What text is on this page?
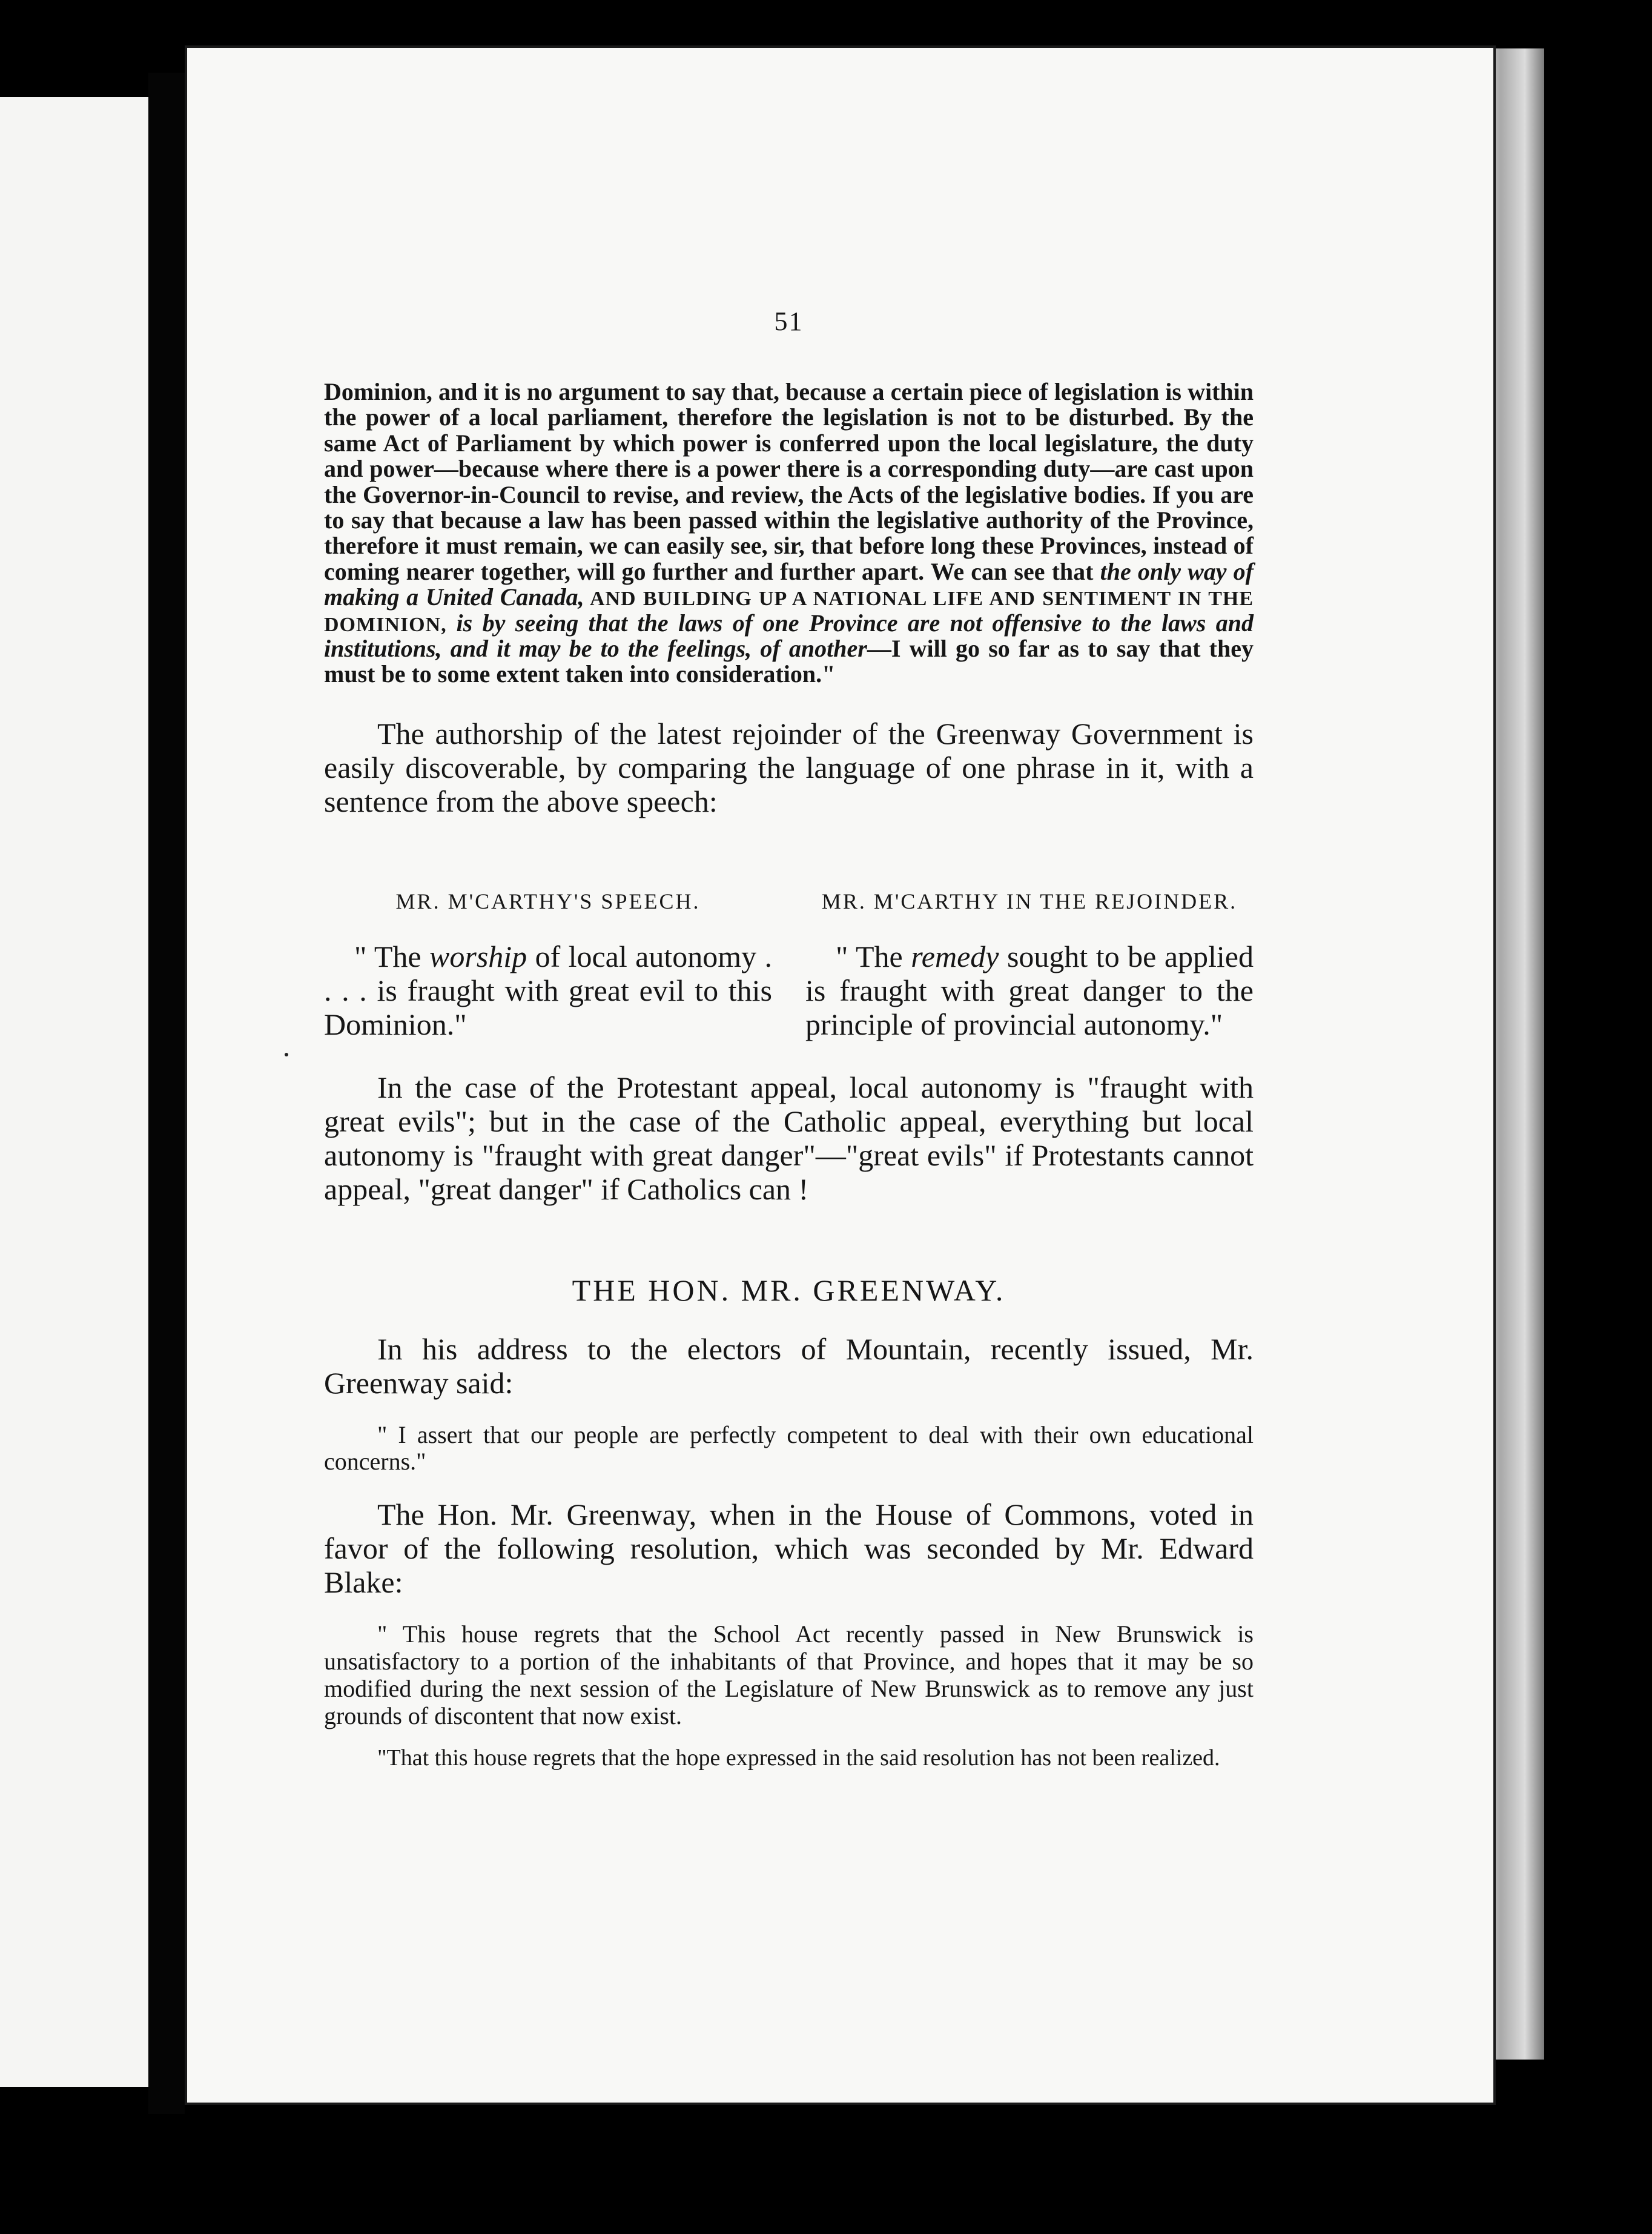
51

Dominion, and it is no argument to say that, because a certain piece of legislation is within the power of a local parliament, therefore the legislation is not to be disturbed. By the same Act of Parliament by which power is conferred upon the local legislature, the duty and power—because where there is a power there is a corresponding duty—are cast upon the Governor-in-Council to revise, and review, the Acts of the legislative bodies. If you are to say that because a law has been passed within the legislative authority of the Province, therefore it must remain, we can easily see, sir, that before long these Provinces, instead of coming nearer together, will go further and further apart. We can see that the only way of making a United Canada, AND BUILDING UP A NATIONAL LIFE AND SENTIMENT IN THE DOMINION, is by seeing that the laws of one Province are not offensive to the laws and institutions, and it may be to the feelings, of another—I will go so far as to say that they must be to some extent taken into consideration."

The authorship of the latest rejoinder of the Greenway Government is easily discoverable, by comparing the language of one phrase in it, with a sentence from the above speech:

MR. M'CARTHY'S SPEECH.

" The worship of local autonomy . . . . is fraught with great evil to this Dominion."

MR. M'CARTHY IN THE REJOINDER.

" The remedy sought to be applied is fraught with great danger to the principle of provincial autonomy."

In the case of the Protestant appeal, local autonomy is "fraught with great evils"; but in the case of the Catholic appeal, everything but local autonomy is "fraught with great danger"—"great evils" if Protestants cannot appeal, "great danger" if Catholics can !

THE HON. MR. GREENWAY.

In his address to the electors of Mountain, recently issued, Mr. Greenway said:

" I assert that our people are perfectly competent to deal with their own educational concerns."

The Hon. Mr. Greenway, when in the House of Commons, voted in favor of the following resolution, which was seconded by Mr. Edward Blake:

" This house regrets that the School Act recently passed in New Brunswick is unsatisfactory to a portion of the inhabitants of that Province, and hopes that it may be so modified during the next session of the Legislature of New Brunswick as to remove any just grounds of discontent that now exist.

"That this house regrets that the hope expressed in the said resolution has not been realized.
